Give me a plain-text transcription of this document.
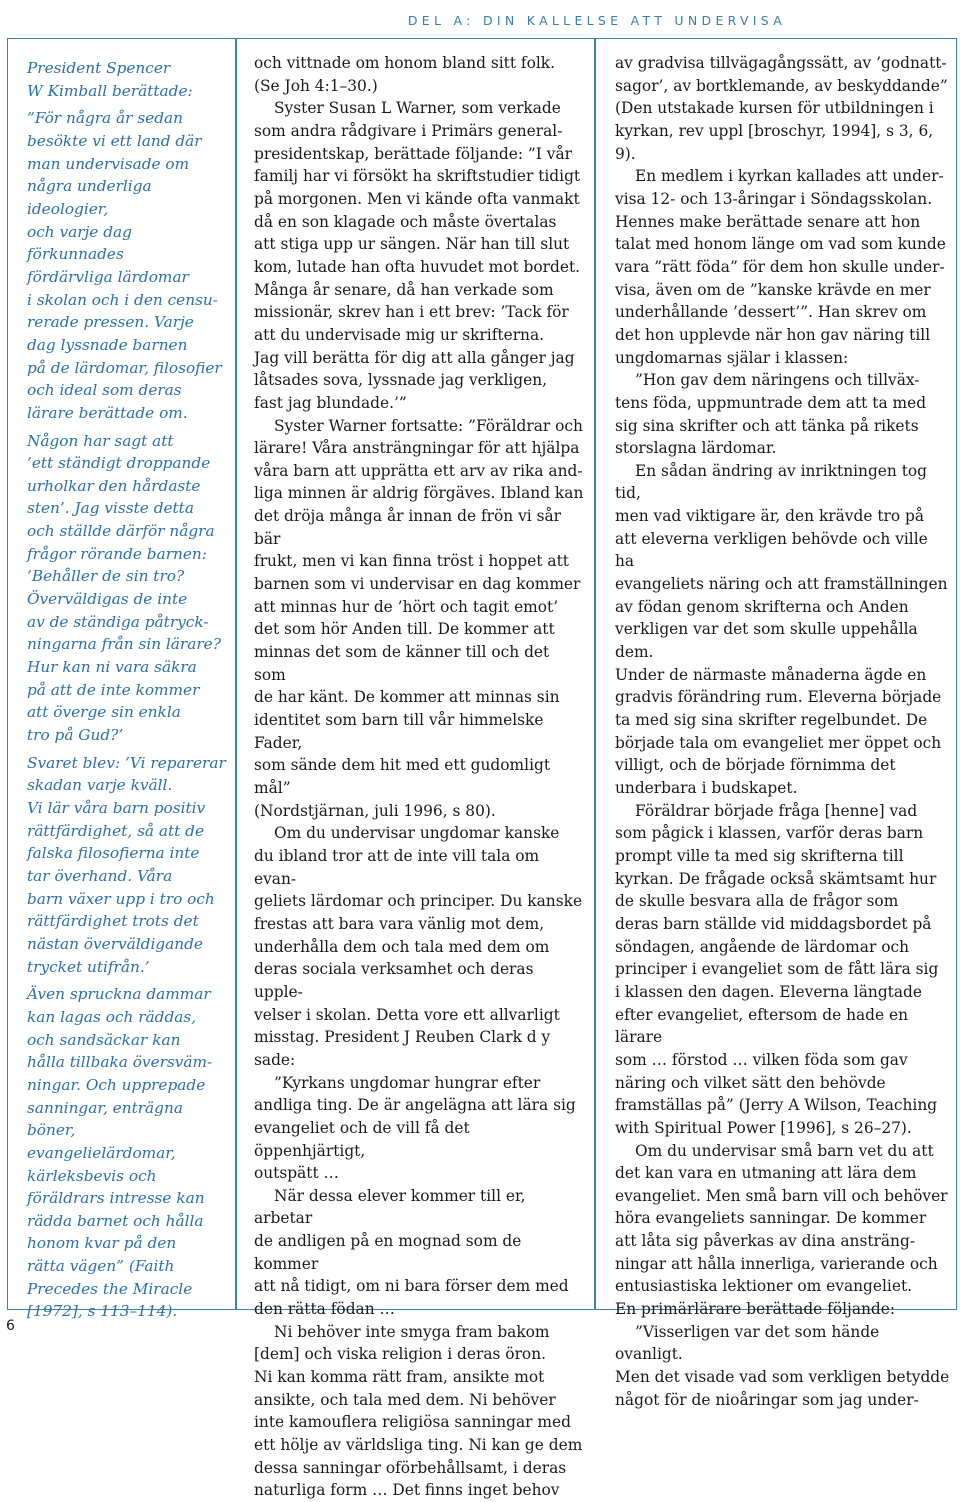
DEL A: DIN KALLELSE ATT UNDERVISA

President Spencer

W Kimball berättade:

”För några år sedan

besökte vi ett land där

man undervisade om

några underliga ideologier,

och varje dag förkunnades

fördärvliga lärdomar

i skolan och i den censu-

rerade pressen. Varje

dag lyssnade barnen

på de lärdomar, filosofier

och ideal som deras

lärare berättade om.

Någon har sagt att

’ett ständigt droppande

urholkar den hårdaste

sten’. Jag visste detta

och ställde därför några

frågor rörande barnen:

’Behåller de sin tro?

Överväldigas de inte

av de ständiga påtryck-

ningarna från sin lärare?

Hur kan ni vara säkra

på att de inte kommer

att överge sin enkla

tro på Gud?’

Svaret blev: ’Vi reparerar

skadan varje kväll.

Vi lär våra barn positiv

rättfärdighet, så att de

falska filosofierna inte

tar överhand. Våra

barn växer upp i tro och

rättfärdighet trots det

nästan överväldigande

trycket utifrån.’

Även spruckna dammar

kan lagas och räddas,

och sandsäckar kan

hålla tillbaka översväm-

ningar. Och upprepade

sanningar, enträgna

böner, evangelielärdomar,

kärleksbevis och

föräldrars intresse kan

rädda barnet och hålla

honom kvar på den

rätta vägen” (Faith

Precedes the Miracle

[1972], s 113–114).

och vittnade om honom bland sitt folk.

(Se Joh 4:1–30.)

Syster Susan L Warner, som verkade

som andra rådgivare i Primärs general-

presidentskap, berättade följande: ”I vår

familj har vi försökt ha skriftstudier tidigt

på morgonen. Men vi kände ofta vanmakt

då en son klagade och måste övertalas

att stiga upp ur sängen. När han till slut

kom, lutade han ofta huvudet mot bordet.

Många år senare, då han verkade som

missionär, skrev han i ett brev: ’Tack för

att du undervisade mig ur skrifterna.

Jag vill berätta för dig att alla gånger jag

låtsades sova, lyssnade jag verkligen,

fast jag blundade.’”

Syster Warner fortsatte: ”Föräldrar och

lärare! Våra ansträngningar för att hjälpa

våra barn att upprätta ett arv av rika and-

liga minnen är aldrig förgäves. Ibland kan

det dröja många år innan de frön vi sår bär

frukt, men vi kan finna tröst i hoppet att

barnen som vi undervisar en dag kommer

att minnas hur de ’hört och tagit emot’

det som hör Anden till. De kommer att

minnas det som de känner till och det som

de har känt. De kommer att minnas sin

identitet som barn till vår himmelske Fader,

som sände dem hit med ett gudomligt mål”

(Nordstjärnan, juli 1996, s 80).

Om du undervisar ungdomar kanske

du ibland tror att de inte vill tala om evan-

geliets lärdomar och principer. Du kanske

frestas att bara vara vänlig mot dem,

underhålla dem och tala med dem om

deras sociala verksamhet och deras upple-

velser i skolan. Detta vore ett allvarligt

misstag. President J Reuben Clark d y sade:

”Kyrkans ungdomar hungrar efter

andliga ting. De är angelägna att lära sig

evangeliet och de vill få det öppenhjärtigt,

outspätt …

När dessa elever kommer till er, arbetar

de andligen på en mognad som de kommer

att nå tidigt, om ni bara förser dem med

den rätta födan …

Ni behöver inte smyga fram bakom

[dem] och viska religion i deras öron.

Ni kan komma rätt fram, ansikte mot

ansikte, och tala med dem. Ni behöver

inte kamouflera religiösa sanningar med

ett hölje av världsliga ting. Ni kan ge dem

dessa sanningar oförbehållsamt, i deras

naturliga form … Det finns inget behov

av gradvisa tillvägagångssätt, av ’godnatt-

sagor’, av bortklemande, av beskyddande”

(Den utstakade kursen för utbildningen i

kyrkan, rev uppl [broschyr, 1994], s 3, 6, 9).

En medlem i kyrkan kallades att under-

visa 12- och 13-åringar i Söndagsskolan.

Hennes make berättade senare att hon

talat med honom länge om vad som kunde

vara ”rätt föda” för dem hon skulle under-

visa, även om de ”kanske krävde en mer

underhållande ’dessert’”. Han skrev om

det hon upplevde när hon gav näring till

ungdomarnas själar i klassen:

”Hon gav dem näringens och tillväx-

tens föda, uppmuntrade dem att ta med

sig sina skrifter och att tänka på rikets

storslagna lärdomar.

En sådan ändring av inriktningen tog tid,

men vad viktigare är, den krävde tro på

att eleverna verkligen behövde och ville ha

evangeliets näring och att framställningen

av födan genom skrifterna och Anden

verkligen var det som skulle uppehålla dem.

Under de närmaste månaderna ägde en

gradvis förändring rum. Eleverna började

ta med sig sina skrifter regelbundet. De

började tala om evangeliet mer öppet och

villigt, och de började förnimma det

underbara i budskapet.

Föräldrar började fråga [henne] vad

som pågick i klassen, varför deras barn

prompt ville ta med sig skrifterna till

kyrkan. De frågade också skämtsamt hur

de skulle besvara alla de frågor som

deras barn ställde vid middagsbordet på

söndagen, angående de lärdomar och

principer i evangeliet som de fått lära sig

i klassen den dagen. Eleverna längtade

efter evangeliet, eftersom de hade en lärare

som … förstod … vilken föda som gav

näring och vilket sätt den behövde

framställas på” (Jerry A Wilson, Teaching

with Spiritual Power [1996], s 26–27).

Om du undervisar små barn vet du att

det kan vara en utmaning att lära dem

evangeliet. Men små barn vill och behöver

höra evangeliets sanningar. De kommer

att låta sig påverkas av dina ansträng-

ningar att hålla innerliga, varierande och

entusiastiska lektioner om evangeliet.

En primärlärare berättade följande:

”Visserligen var det som hände ovanligt.

Men det visade vad som verkligen betydde

något för de nioåringar som jag under-

6
